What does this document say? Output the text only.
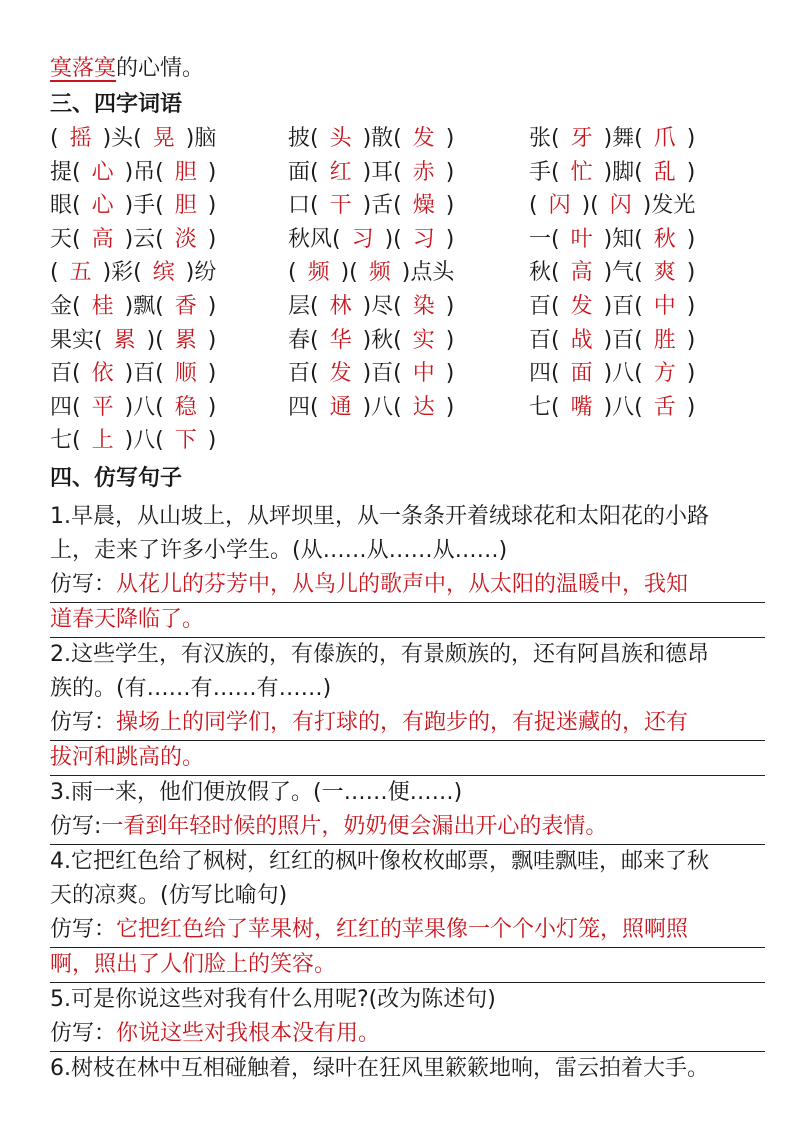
寞落寞的心情。
三、四字词语
( 摇 )头( 晃 )脑	披( 头 )散( 发 )	张( 牙 )舞( 爪 )
提( 心 )吊( 胆 )	面( 红 )耳( 赤 )	手( 忙 )脚( 乱 )
眼( 心 )手( 胆 )	口( 干 )舌( 燥 )	( 闪 )( 闪 )发光
天( 高 )云( 淡 )	秋风( 习 )( 习 )	一( 叶 )知( 秋 )
( 五 )彩( 缤 )纷	( 频 )( 频 )点头	秋( 高 )气( 爽 )
金( 桂 )飘( 香 )	层( 林 )尽( 染 )	百( 发 )百( 中 )
果实( 累 )( 累 )	春( 华 )秋( 实 )	百( 战 )百( 胜 )
百( 依 )百( 顺 )	百( 发 )百( 中 )	四( 面 )八( 方 )
四( 平 )八( 稳 )	四( 通 )八( 达 )	七( 嘴 )八( 舌 )
七( 上 )八( 下 )
四、仿写句子
1.早晨，从山坡上，从坪坝里，从一条条开着绒球花和太阳花的小路
上，走来了许多小学生。(从……从……从……)
仿写：从花儿的芬芳中，从鸟儿的歌声中，从太阳的温暖中，我知
道春天降临了。
2.这些学生，有汉族的，有傣族的，有景颇族的，还有阿昌族和德昂
族的。(有……有……有……)
仿写：操场上的同学们，有打球的，有跑步的，有捉迷藏的，还有
拔河和跳高的。
3.雨一来，他们便放假了。(一……便……)
仿写:一看到年轻时候的照片，奶奶便会漏出开心的表情。
4.它把红色给了枫树，红红的枫叶像枚枚邮票，飘哇飘哇，邮来了秋
天的凉爽。(仿写比喻句)
仿写：它把红色给了苹果树，红红的苹果像一个个小灯笼，照啊照
啊，照出了人们脸上的笑容。
5.可是你说这些对我有什么用呢?(改为陈述句)
仿写：你说这些对我根本没有用。
6.树枝在林中互相碰触着，绿叶在狂风里簌簌地响，雷云拍着大手。
